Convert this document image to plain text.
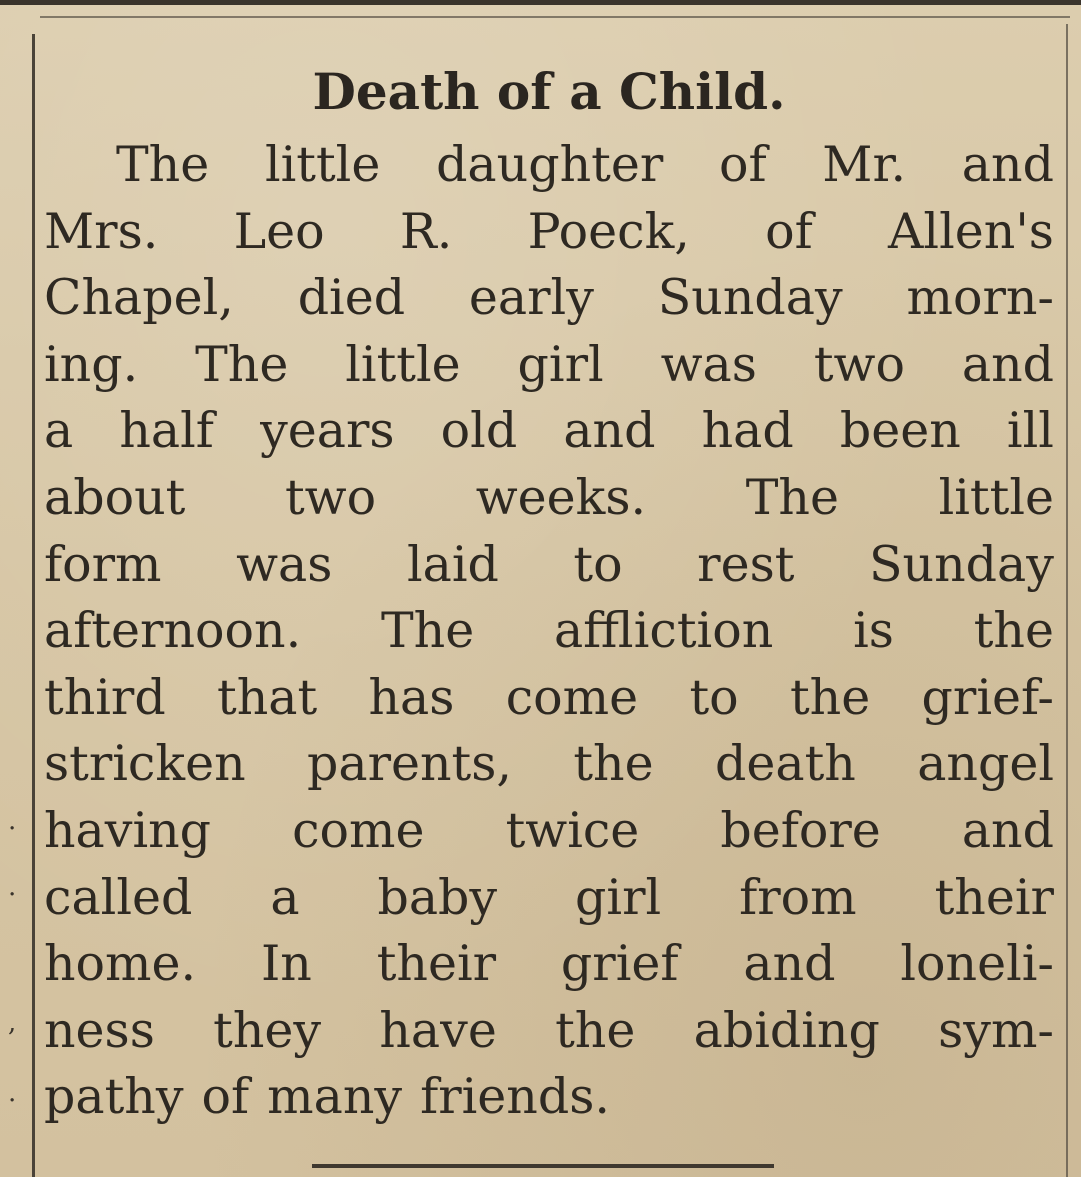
.
.
,
.
Death of a Child.
The little daughter of Mr. and
Mrs. Leo R. Poeck, of Allen's
Chapel, died early Sunday morn-
ing. The little girl was two and
a half years old and had been ill
about two weeks. The little
form was laid to rest Sunday
afternoon. The affliction is the
third that has come to the grief-
stricken parents, the death angel
having come twice before and
called a baby girl from their
home. In their grief and loneli-
ness they have the abiding sym-
pathy of many friends.
